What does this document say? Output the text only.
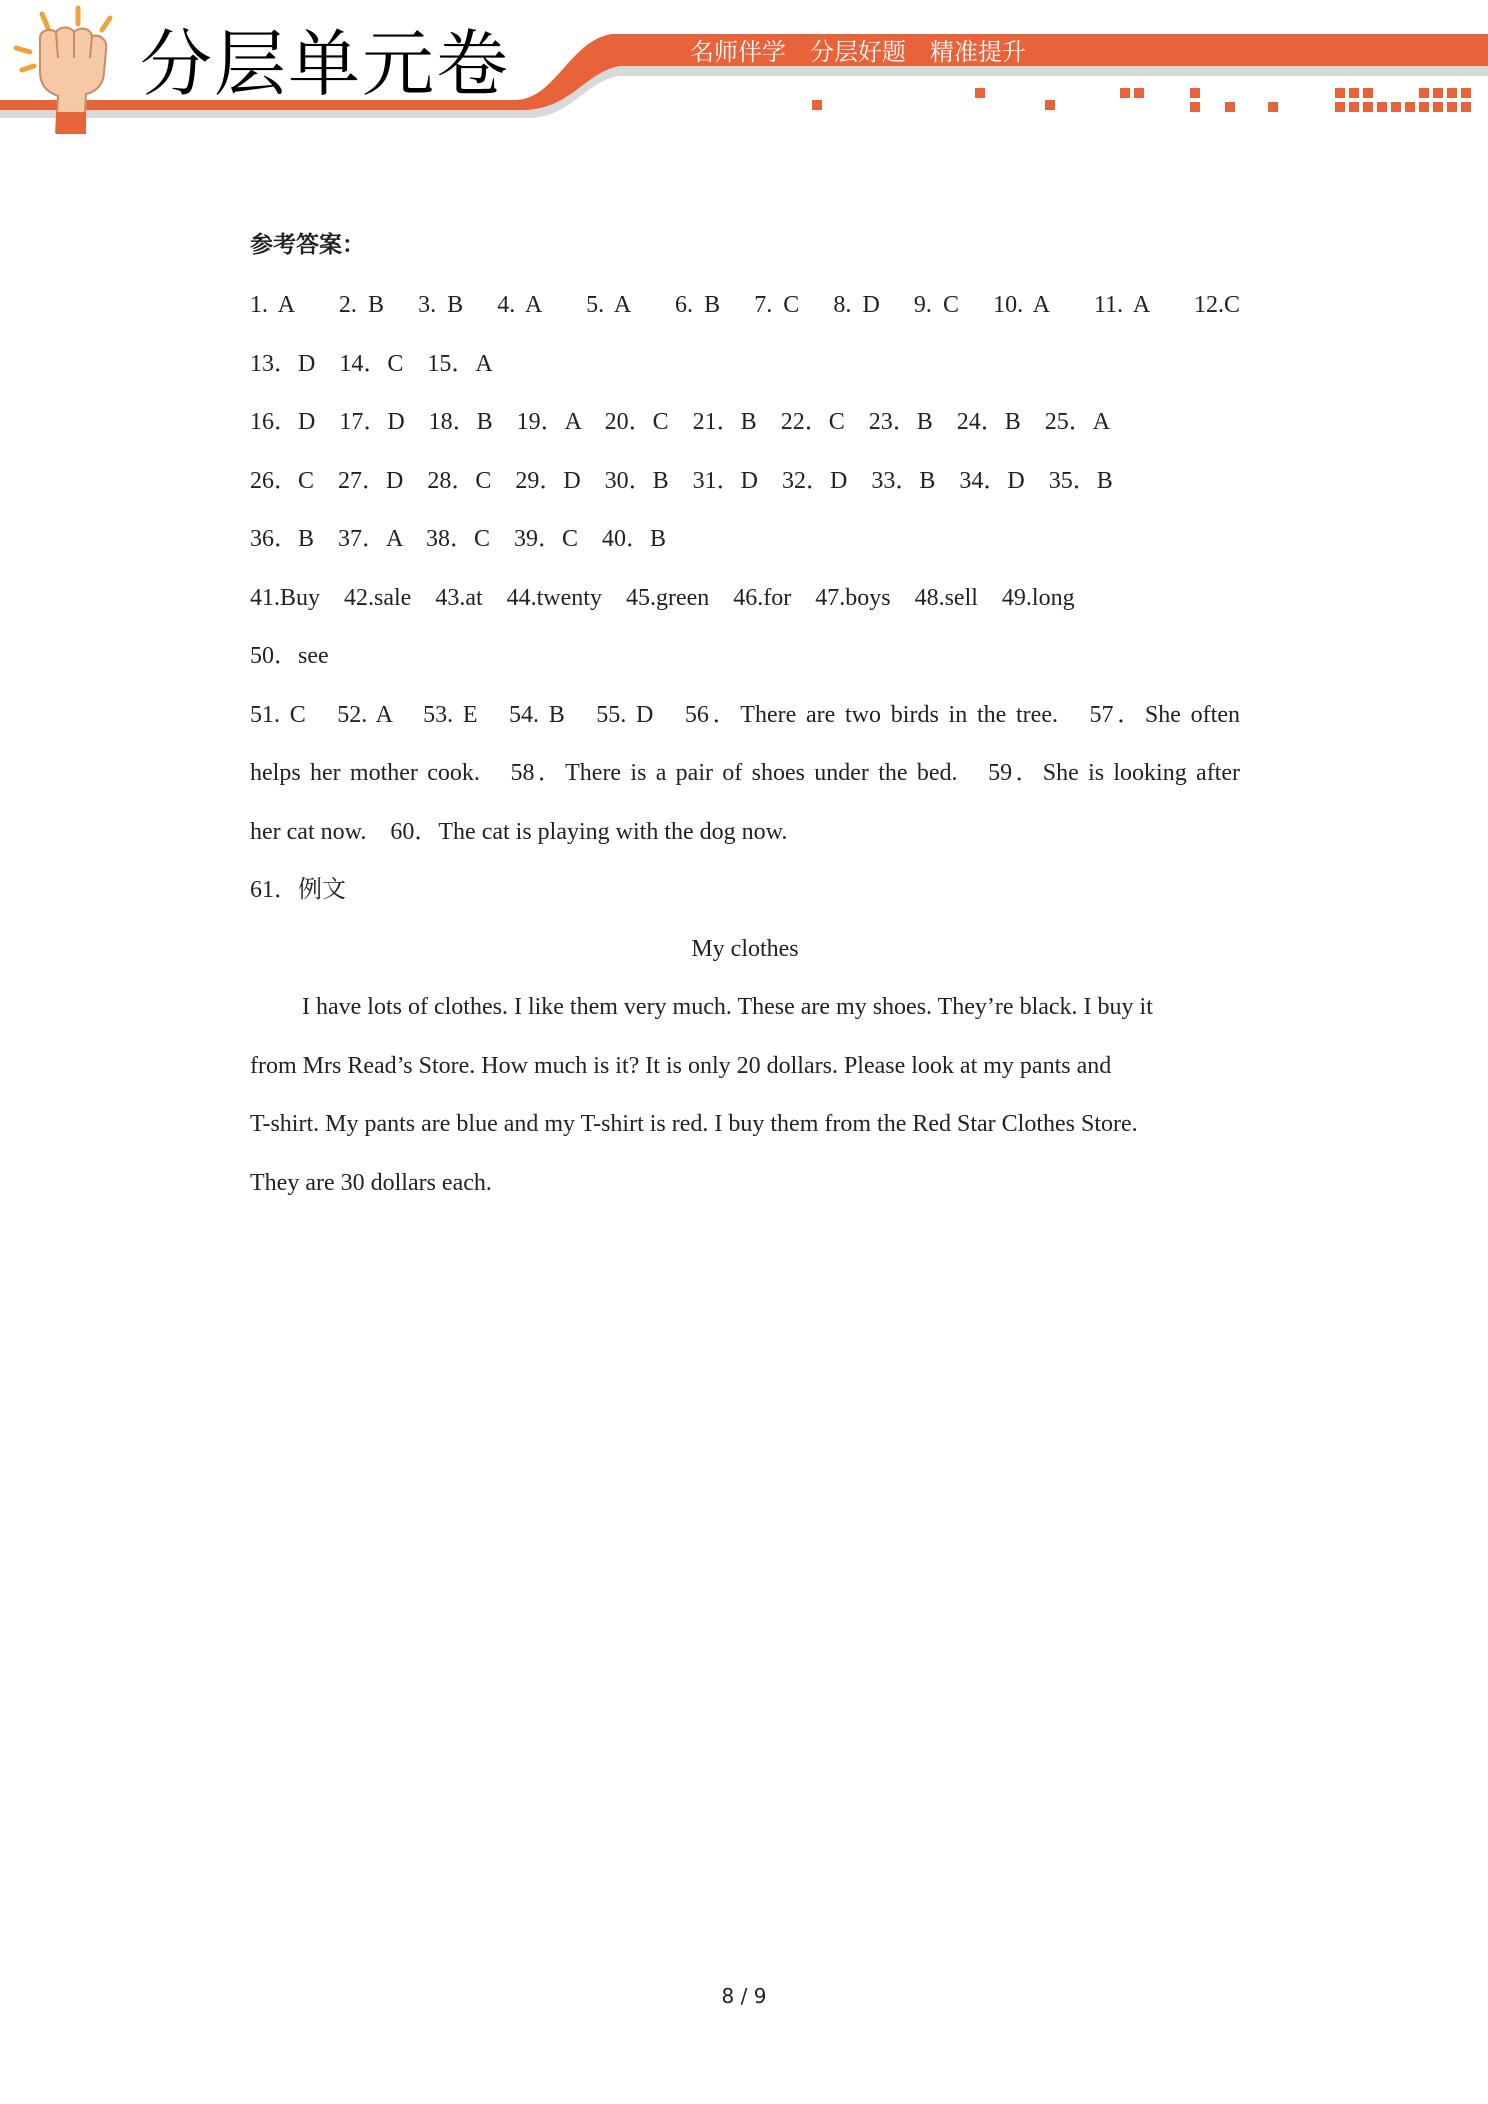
分层单元卷	名师伴学　分层好题　精准提升
参考答案：
1. A　 2. B　3. B　4. A　 5. A　 6. B　7. C　8. D　9. C　10. A　 11. A　 12.C
13．D　14．C　15．A
16．D　17．D　18．B　19．A　20．C　21．B　22．C　23．B　24．B　25．A
26．C　27．D　28．C　29．D　30．B　31．D　32．D　33．B　34．D　35．B
36．B　37．A　38．C　39．C　40．B
41.Buy　42.sale　43.at　44.twenty　45.green　46.for　47.boys　48.sell　49.long
50．see
51. C　52. A　53. E　54. B　55. D　56．There are two birds in the tree.　57．She often
helps her mother cook.　58．There is a pair of shoes under the bed.　59．She is looking after
her cat now.　60．The cat is playing with the dog now.
61．例文
My clothes
I have lots of clothes. I like them very much. These are my shoes. They’re black. I buy it
from Mrs Read’s Store. How much is it? It is only 20 dollars. Please look at my pants and
T-shirt. My pants are blue and my T-shirt is red. I buy them from the Red Star Clothes Store.
They are 30 dollars each.
8 / 9
